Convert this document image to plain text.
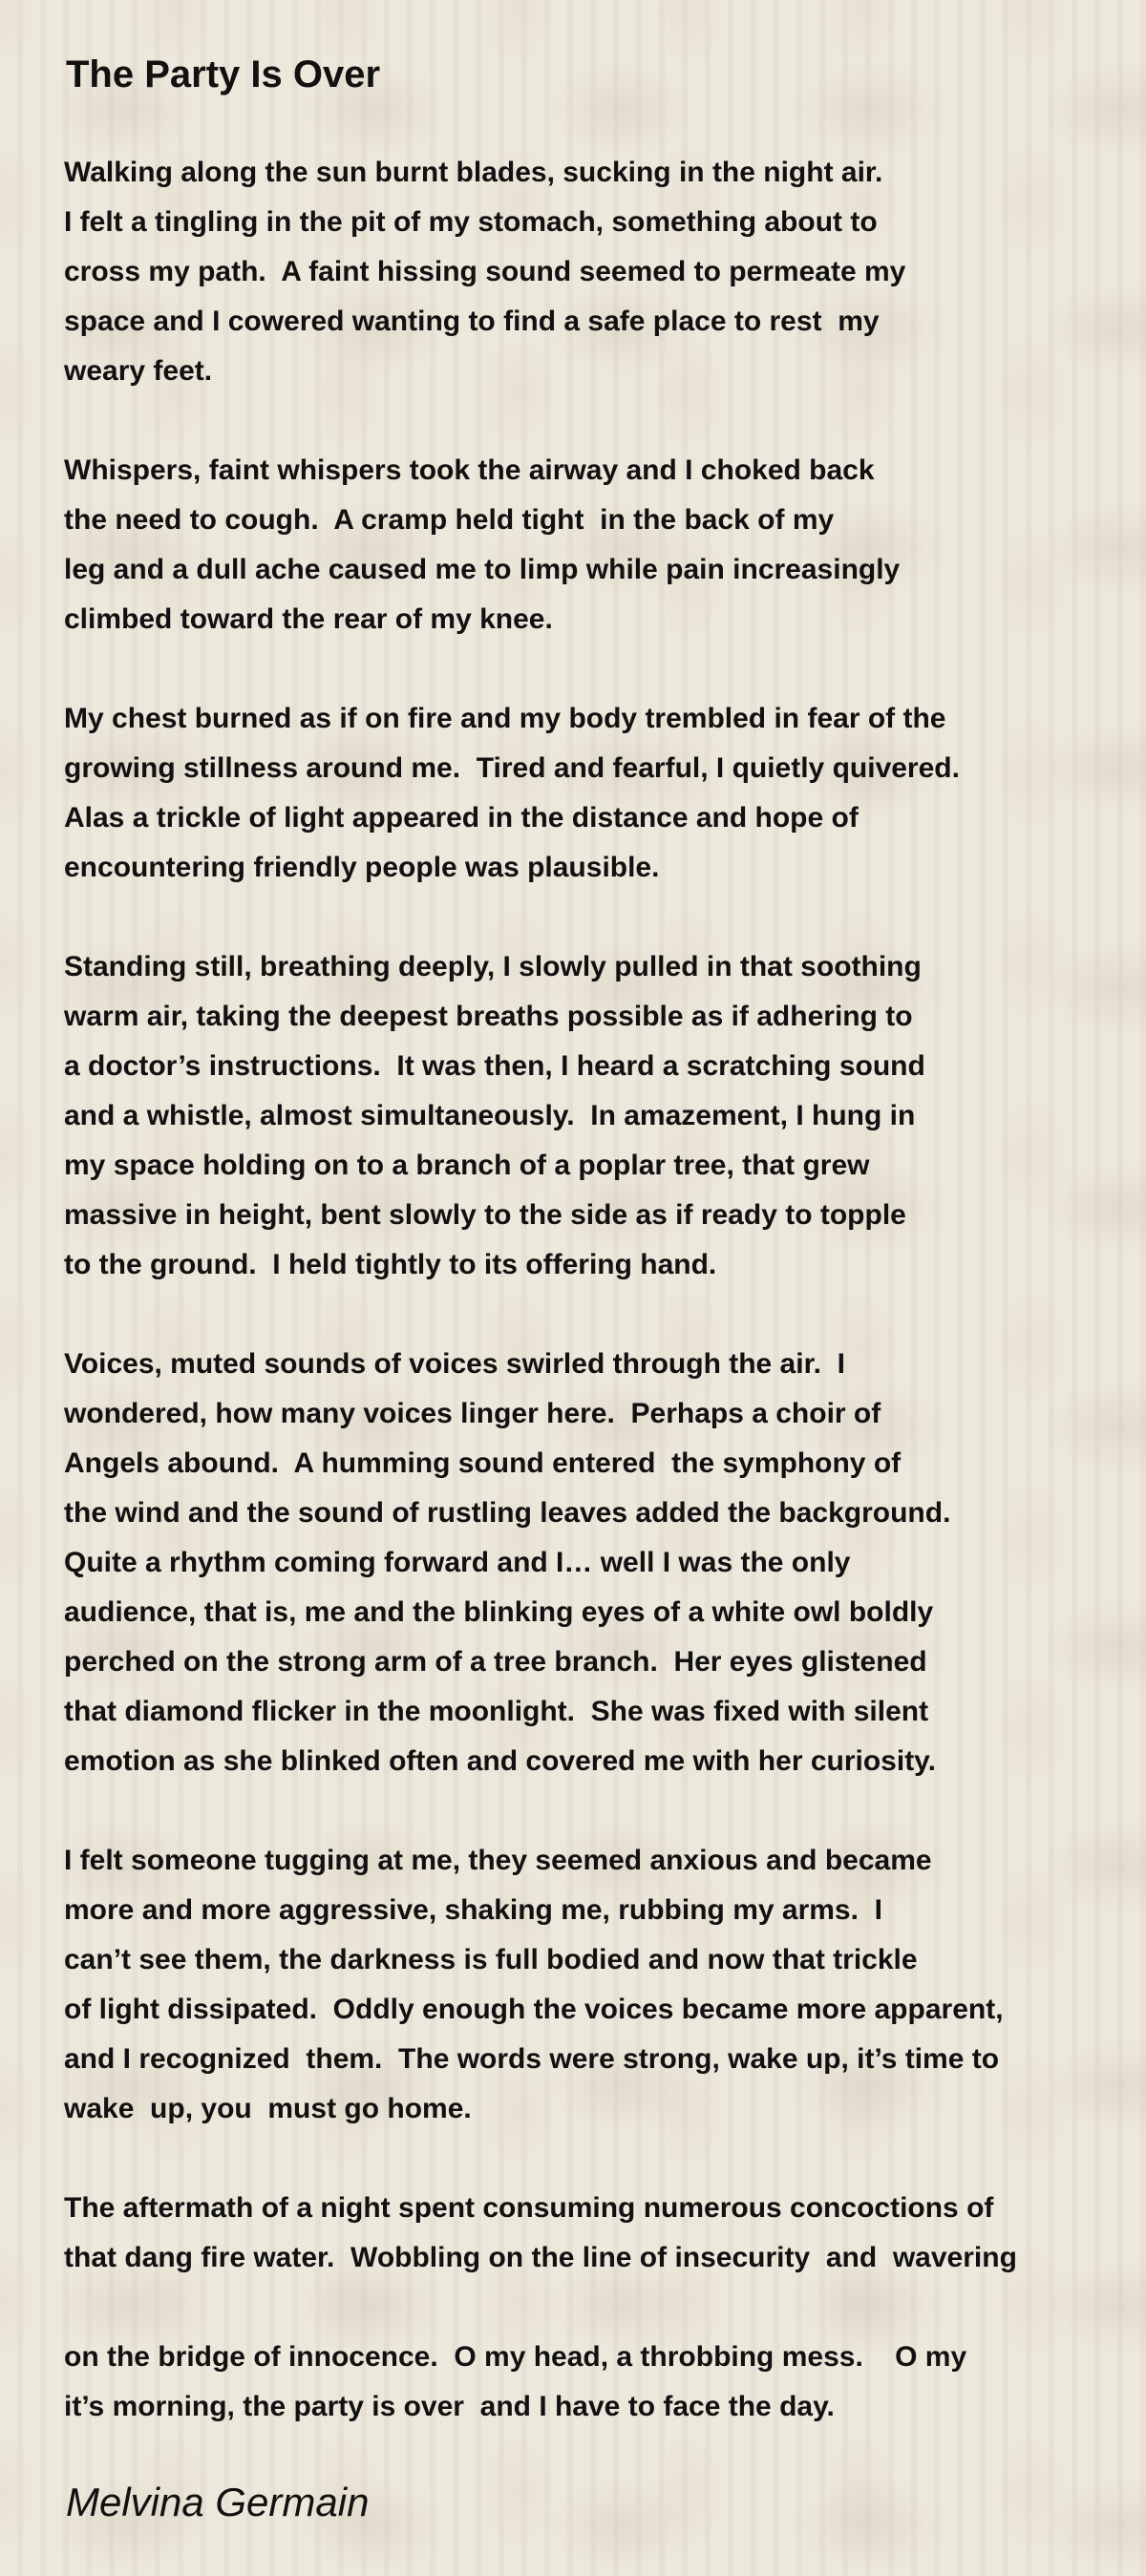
The Party Is Over
Walking along the sun burnt blades, sucking in the night air.
I felt a tingling in the pit of my stomach, something about to
cross my path.  A faint hissing sound seemed to permeate my
space and I cowered wanting to find a safe place to rest  my
weary feet.
Whispers, faint whispers took the airway and I choked back
the need to cough.  A cramp held tight  in the back of my
leg and a dull ache caused me to limp while pain increasingly
climbed toward the rear of my knee.
My chest burned as if on fire and my body trembled in fear of the
growing stillness around me.  Tired and fearful, I quietly quivered.
Alas a trickle of light appeared in the distance and hope of
encountering friendly people was plausible.
Standing still, breathing deeply, I slowly pulled in that soothing
warm air, taking the deepest breaths possible as if adhering to
a doctor’s instructions.  It was then, I heard a scratching sound
and a whistle, almost simultaneously.  In amazement, I hung in
my space holding on to a branch of a poplar tree, that grew
massive in height, bent slowly to the side as if ready to topple
to the ground.  I held tightly to its offering hand.
Voices, muted sounds of voices swirled through the air.  I
wondered, how many voices linger here.  Perhaps a choir of
Angels abound.  A humming sound entered  the symphony of
the wind and the sound of rustling leaves added the background.
Quite a rhythm coming forward and I… well I was the only
audience, that is, me and the blinking eyes of a white owl boldly
perched on the strong arm of a tree branch.  Her eyes glistened
that diamond flicker in the moonlight.  She was fixed with silent
emotion as she blinked often and covered me with her curiosity.
I felt someone tugging at me, they seemed anxious and became
more and more aggressive, shaking me, rubbing my arms.  I
can’t see them, the darkness is full bodied and now that trickle
of light dissipated.  Oddly enough the voices became more apparent,
and I recognized  them.  The words were strong, wake up, it’s time to
wake  up, you  must go home.
The aftermath of a night spent consuming numerous concoctions of
that dang fire water.  Wobbling on the line of insecurity  and  wavering
on the bridge of innocence.  O my head, a throbbing mess.    O my
it’s morning, the party is over  and I have to face the day.

Melvina Germain
